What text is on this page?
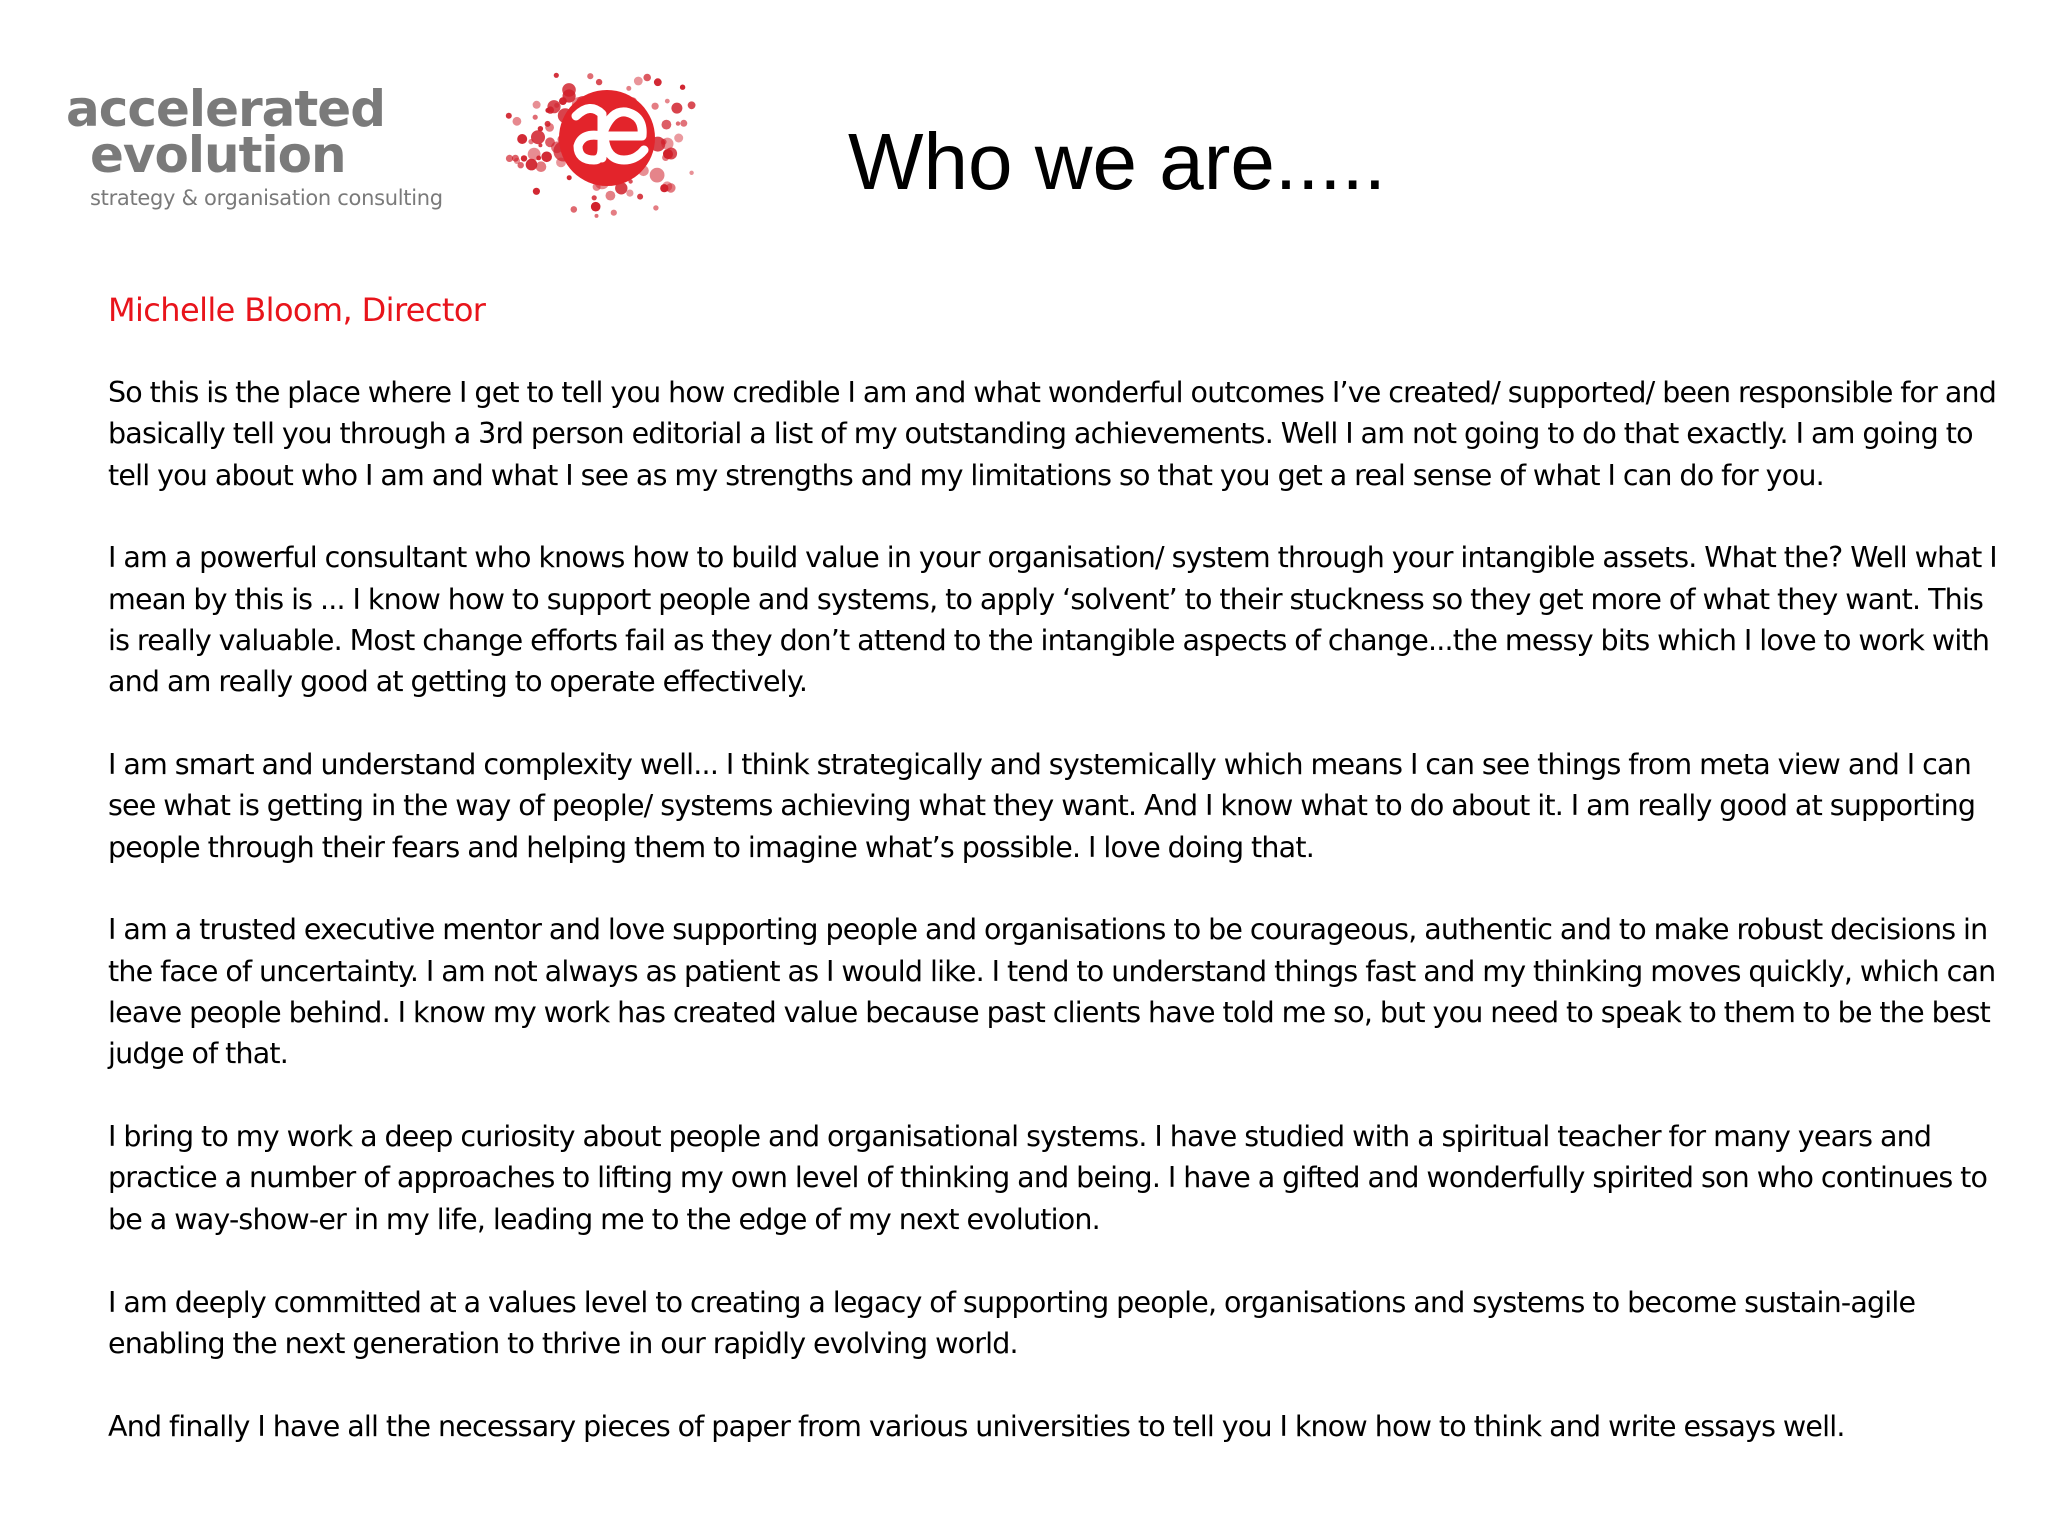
accelerated
evolution
strategy & organisation consulting	Who we are.....

Michelle Bloom, Director

So this is the place where I get to tell you how credible I am and what wonderful outcomes I’ve created/ supported/ been responsible for and basically tell you through a 3rd person editorial a list of my outstanding achievements. Well I am not going to do that exactly. I am going to tell you about who I am and what I see as my strengths and my limitations so that you get a real sense of what I can do for you.

I am a powerful consultant who knows how to build value in your organisation/ system through your intangible assets. What the? Well what I mean by this is ... I know how to support people and systems, to apply ‘solvent’ to their stuckness so they get more of what they want. This is really valuable. Most change efforts fail as they don’t attend to the intangible aspects of change...the messy bits which I love to work with and am really good at getting to operate effectively.

I am smart and understand complexity well... I think strategically and systemically which means I can see things from meta view and I can see what is getting in the way of people/ systems achieving what they want. And I know what to do about it. I am really good at supporting people through their fears and helping them to imagine what’s possible. I love doing that.

I am a trusted executive mentor and love supporting people and organisations to be courageous, authentic and to make robust decisions in the face of uncertainty. I am not always as patient as I would like. I tend to understand things fast and my thinking moves quickly, which can leave people behind. I know my work has created value because past clients have told me so, but you need to speak to them to be the best judge of that.

I bring to my work a deep curiosity about people and organisational systems. I have studied with a spiritual teacher for many years and practice a number of approaches to lifting my own level of thinking and being. I have a gifted and wonderfully spirited son who continues to be a way-show-er in my life, leading me to the edge of my next evolution.

I am deeply committed at a values level to creating a legacy of supporting people, organisations and systems to become sustain-agile enabling the next generation to thrive in our rapidly evolving world.

And finally I have all the necessary pieces of paper from various universities to tell you I know how to think and write essays well.
